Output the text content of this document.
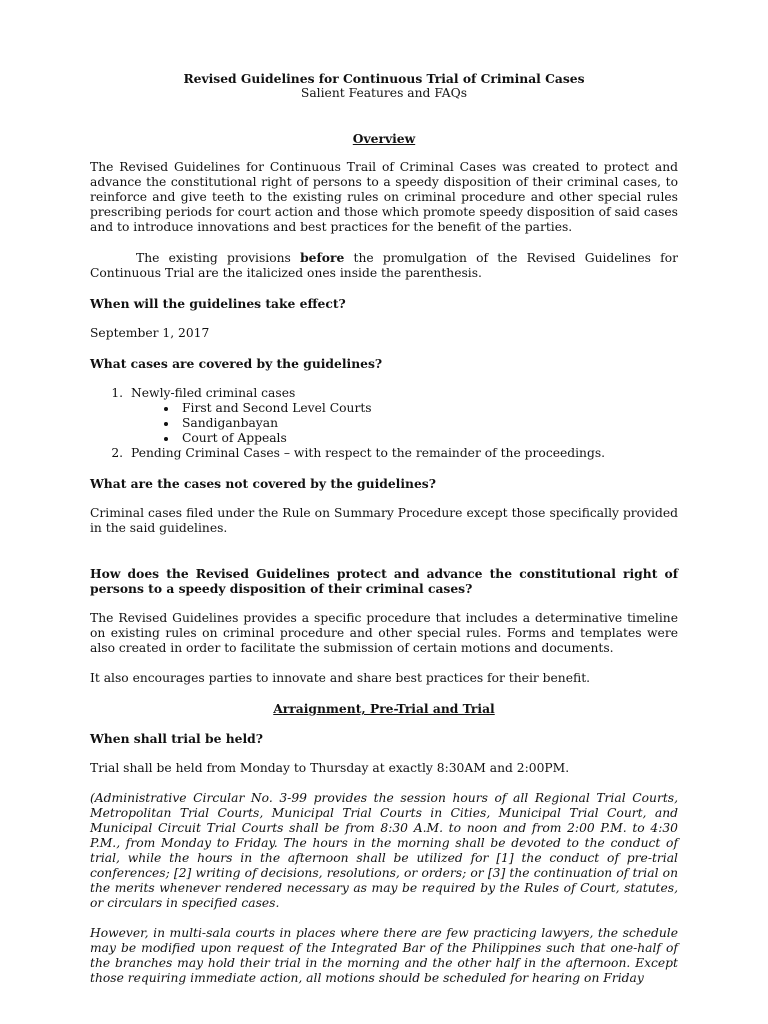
Revised Guidelines for Continuous Trial of Criminal Cases

Salient Features and FAQs

Overview

The Revised Guidelines for Continuous Trail of Criminal Cases was created to protect and advance the constitutional right of persons to a speedy disposition of their criminal cases, to reinforce and give teeth to the existing rules on criminal procedure and other special rules prescribing periods for court action and those which promote speedy disposition of said cases and to introduce innovations and best practices for the benefit of the parties.

The existing provisions before the promulgation of the Revised Guidelines for Continuous Trial are the italicized ones inside the parenthesis.

When will the guidelines take effect?

September 1, 2017

What cases are covered by the guidelines?

1. Newly-filed criminal cases
• First and Second Level Courts
• Sandiganbayan
• Court of Appeals
2. Pending Criminal Cases – with respect to the remainder of the proceedings.

What are the cases not covered by the guidelines?

Criminal cases filed under the Rule on Summary Procedure except those specifically provided in the said guidelines.

How does the Revised Guidelines protect and advance the constitutional right of persons to a speedy disposition of their criminal cases?

The Revised Guidelines provides a specific procedure that includes a determinative timeline on existing rules on criminal procedure and other special rules. Forms and templates were also created in order to facilitate the submission of certain motions and documents.

It also encourages parties to innovate and share best practices for their benefit.

Arraignment, Pre-Trial and Trial

When shall trial be held?

Trial shall be held from Monday to Thursday at exactly 8:30AM and 2:00PM.

(Administrative Circular No. 3-99 provides the session hours of all Regional Trial Courts, Metropolitan Trial Courts, Municipal Trial Courts in Cities, Municipal Trial Court, and Municipal Circuit Trial Courts shall be from 8:30 A.M. to noon and from 2:00 P.M. to 4:30 P.M., from Monday to Friday. The hours in the morning shall be devoted to the conduct of trial, while the hours in the afternoon shall be utilized for [1] the conduct of pre-trial conferences; [2] writing of decisions, resolutions, or orders; or [3] the continuation of trial on the merits whenever rendered necessary as may be required by the Rules of Court, statutes, or circulars in specified cases.

However, in multi-sala courts in places where there are few practicing lawyers, the schedule may be modified upon request of the Integrated Bar of the Philippines such that one-half of the branches may hold their trial in the morning and the other half in the afternoon. Except those requiring immediate action, all motions should be scheduled for hearing on Friday
